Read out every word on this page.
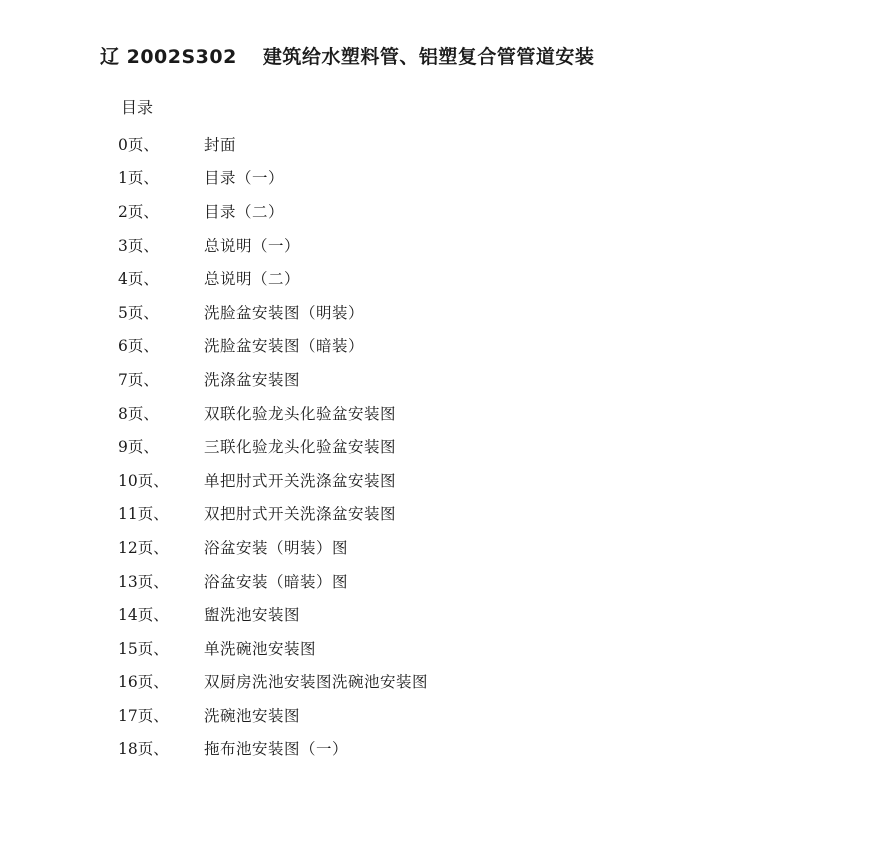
辽 2002S302 建筑给水塑料管、铝塑复合管管道安装
目录
0页、	封面
1页、	目录（一）
2页、	目录（二）
3页、	总说明（一）
4页、	总说明（二）
5页、	洗脸盆安装图（明装）
6页、	洗脸盆安装图（暗装）
7页、	洗涤盆安装图
8页、	双联化验龙头化验盆安装图
9页、	三联化验龙头化验盆安装图
10页、	单把肘式开关洗涤盆安装图
11页、	双把肘式开关洗涤盆安装图
12页、	浴盆安装（明装）图
13页、	浴盆安装（暗装）图
14页、	盥洗池安装图
15页、	单洗碗池安装图
16页、	双厨房洗池安装图洗碗池安装图
17页、	洗碗池安装图
18页、	拖布池安装图（一）
